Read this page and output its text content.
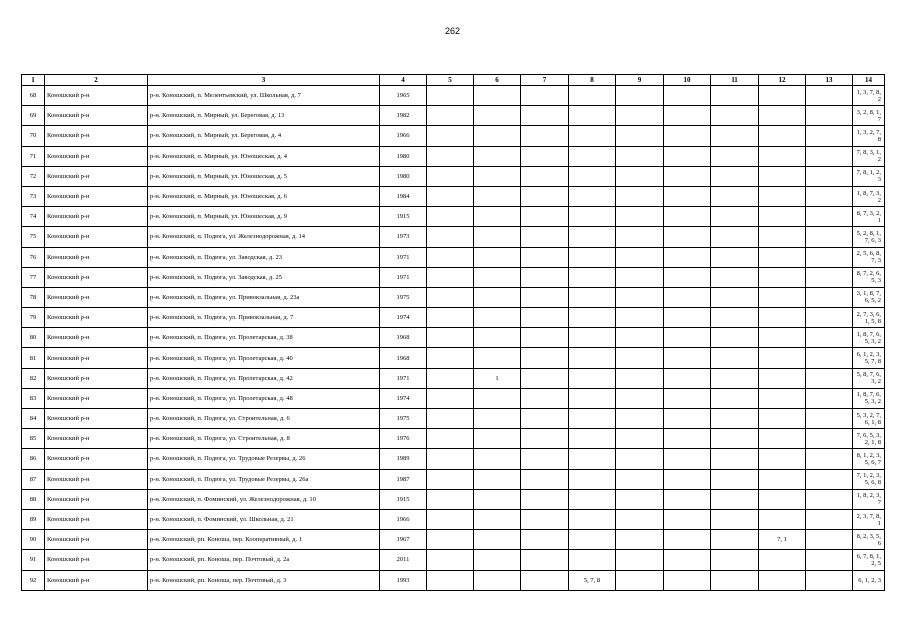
262
1	2	3	4	5	6	7	8	9	10	11	12	13	14
68	Коношский р-н	р-н. Коношский, п. Мелентьевский, ул. Школьная, д. 7	1965										1, 3, 7, 8, 2
69	Коношский р-н	р-н. Коношский, п. Мирный, ул. Береговая, д. 13	1982										3, 2, 8, 1, 7
70	Коношский р-н	р-н. Коношский, п. Мирный, ул. Береговая, д. 4	1966										1, 3, 2, 7, 8
71	Коношский р-н	р-н. Коношский, п. Мирный, ул. Юношеская, д. 4	1980										7, 8, 3, 1, 2
72	Коношский р-н	р-н. Коношский, п. Мирный, ул. Юношеская, д. 5	1980										7, 8, 1, 2, 3
73	Коношский р-н	р-н. Коношский, п. Мирный, ул. Юношеская, д. 6	1984										1, 8, 7, 3, 2
74	Коношский р-н	р-н. Коношский, п. Мирный, ул. Юношеская, д. 9	1915										8, 7, 3, 2, 1
75	Коношский р-н	р-н. Коношский, п. Подюга, ул. Железнодорожная, д. 14	1973										5, 2, 8, 1, 7, 6, 3
76	Коношский р-н	р-н. Коношский, п. Подюга, ул. Заводская, д. 23	1971										2, 5, 6, 8, 7, 3
77	Коношский р-н	р-н. Коношский, п. Подюга, ул. Заводская, д. 25	1971										8, 7, 2, 6, 5, 3
78	Коношский р-н	р-н. Коношский, п. Подюга, ул. Привокзальная, д. 23а	1975										3, 1, 8, 7, 6, 5, 2
79	Коношский р-н	р-н. Коношский, п. Подюга, ул. Привокзальная, д. 7	1974										2, 7, 3, 6, 1, 5, 8
80	Коношский р-н	р-н. Коношский, п. Подюга, ул. Пролетарская, д. 38	1968										1, 8, 7, 6, 5, 3, 2
81	Коношский р-н	р-н. Коношский, п. Подюга, ул. Пролетарская, д. 40	1968										6, 1, 2, 3, 5, 7, 8
82	Коношский р-н	р-н. Коношский, п. Подюга, ул. Пролетарская, д. 42	1971		1								5, 8, 7, 6, 3, 2
83	Коношский р-н	р-н. Коношский, п. Подюга, ул. Пролетарская, д. 48	1974										1, 8, 7, 6, 5, 3, 2
84	Коношский р-н	р-н. Коношский, п. Подюга, ул. Строительная, д. 6	1975										5, 3, 2, 7, 6, 1, 8
85	Коношский р-н	р-н. Коношский, п. Подюга, ул. Строительная, д. 8	1976										7, 6, 5, 3, 2, 1, 8
86	Коношский р-н	р-н. Коношский, п. Подюга, ул. Трудовые Резервы, д. 26	1989										8, 1, 2, 3, 5, 6, 7
87	Коношский р-н	р-н. Коношский, п. Подюга, ул. Трудовые Резервы, д. 26а	1987										7, 1, 2, 3, 5, 6, 8
88	Коношский р-н	р-н. Коношский, п. Фоминский, ул. Железнодорожная, д. 10	1915										1, 8, 2, 3, 7
89	Коношский р-н	р-н. Коношский, п. Фоминский, ул. Школьная, д. 21	1966										2, 3, 7, 8, 1
90	Коношский р-н	р-н. Коношский, рп. Коноша, пер. Кооперативный, д. 1	1967								7, 1		8, 2, 3, 5, 6
91	Коношский р-н	р-н. Коношский, рп. Коноша, пер. Почтовый, д. 2а	2011										6, 7, 8, 1, 2, 5
92	Коношский р-н	р-н. Коношский, рп. Коноша, пер. Почтовый, д. 3	1993				5, 7, 8						6, 1, 2, 3
